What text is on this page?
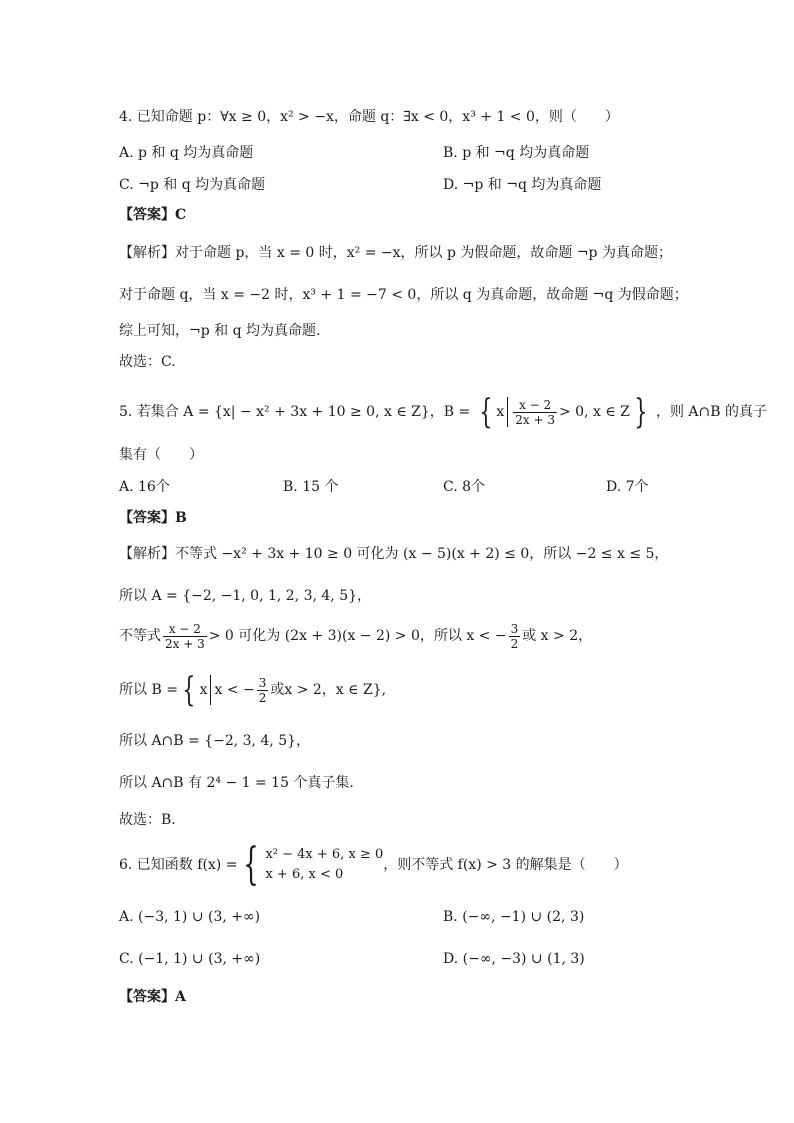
4. 已知命题 p：∀x ≥ 0，x² > −x，命题 q：∃x < 0，x³ + 1 < 0，则（　　）
A. p 和 q 均为真命题	B. p 和 ¬q 均为真命题
C. ¬p 和 q 均为真命题	D. ¬p 和 ¬q 均为真命题
【答案】C
【解析】对于命题 p，当 x = 0 时，x² = −x，所以 p 为假命题，故命题 ¬p 为真命题；
对于命题 q，当 x = −2 时，x³ + 1 = −7 < 0，所以 q 为真命题，故命题 ¬q 为假命题；
综上可知，¬p 和 q 均为真命题.
故选：C.
5. 若集合 A = {x| − x² + 3x + 10 ≥ 0, x ∈ Z}，B = { x $\frac{x - 2}{2x + 3} > 0$, x ∈ Z } ，则 A∩B 的真子
集有（　　）
A. 16个	B. 15 个	C. 8个	D. 7个
【答案】B
【解析】不等式 −x² + 3x + 10 ≥ 0 可化为 (x − 5)(x + 2) ≤ 0，所以 −2 ≤ x ≤ 5，
所以 A = {−2, −1, 0, 1, 2, 3, 4, 5}，
不等式 $\frac{x - 2}{2x + 3} > 0$ 可化为 (2x + 3)(x − 2) > 0，所以 x < − $\frac{3}{2}$ 或 x > 2，
所以 B = { x x < − $\frac{3}{2}$ 或x > 2，x ∈ Z},
所以 A∩B = {−2, 3, 4, 5}，
所以 A∩B 有 2⁴ − 1 = 15 个真子集.
故选：B.
6. 已知函数 f(x) = { x² − 4x + 6, x ≥ 0
x + 6, x < 0
，则不等式 f(x) > 3 的解集是（　　）
A. (−3, 1) ∪ (3, +∞)	B. (−∞, −1) ∪ (2, 3)
C. (−1, 1) ∪ (3, +∞)	D. (−∞, −3) ∪ (1, 3)
【答案】A
